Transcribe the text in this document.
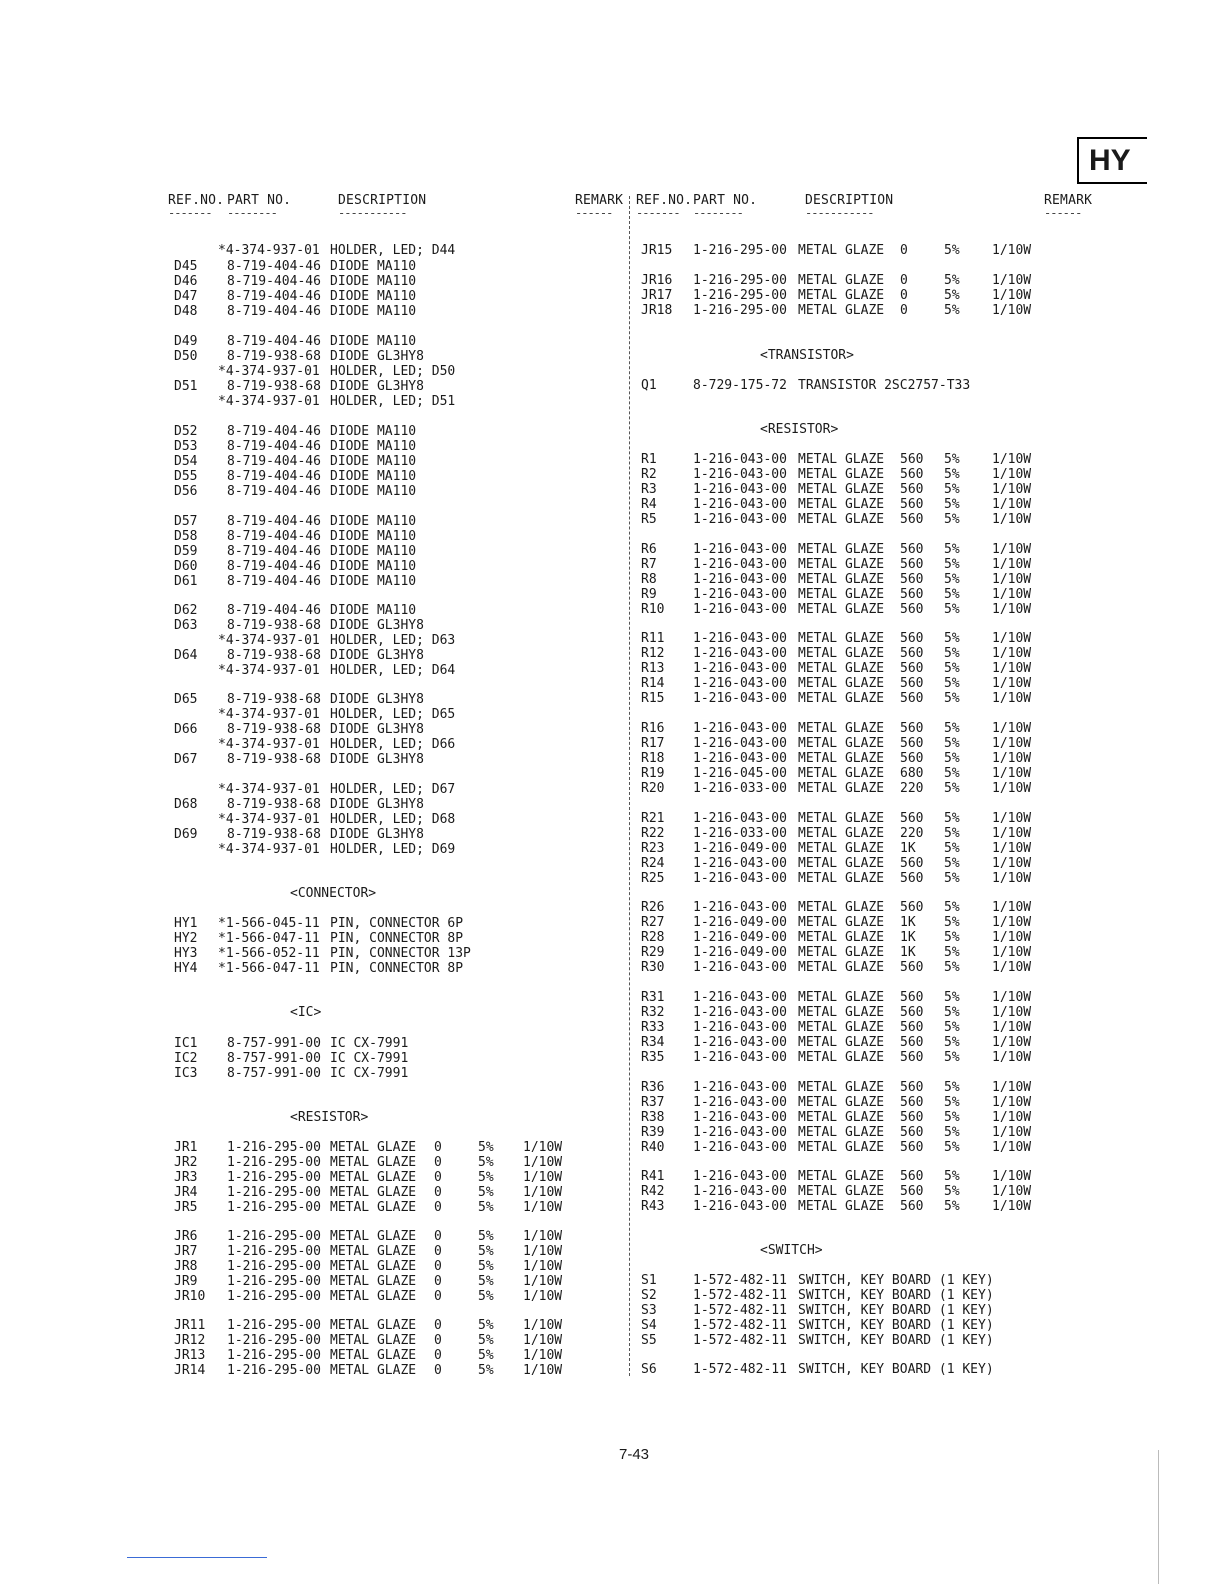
HY
REF.NO. PART NO.	DESCRIPTION	REMARK REF.NO. PART NO.	DESCRIPTION	REMARK
------- --------	-----------	------ ------- --------	-----------	------
*4-374-937-01 HOLDER, LED; D44
D45 8-719-404-46 DIODE MA110
D46 8-719-404-46 DIODE MA110
D47 8-719-404-46 DIODE MA110
D48 8-719-404-46 DIODE MA110
D49 8-719-404-46 DIODE MA110
D50 8-719-938-68 DIODE GL3HY8
*4-374-937-01 HOLDER, LED; D50
D51 8-719-938-68 DIODE GL3HY8
*4-374-937-01 HOLDER, LED; D51
D52 8-719-404-46 DIODE MA110
D53 8-719-404-46 DIODE MA110
D54 8-719-404-46 DIODE MA110
D55 8-719-404-46 DIODE MA110
D56 8-719-404-46 DIODE MA110
D57 8-719-404-46 DIODE MA110
D58 8-719-404-46 DIODE MA110
D59 8-719-404-46 DIODE MA110
D60 8-719-404-46 DIODE MA110
D61 8-719-404-46 DIODE MA110
D62 8-719-404-46 DIODE MA110
D63 8-719-938-68 DIODE GL3HY8
*4-374-937-01 HOLDER, LED; D63
D64 8-719-938-68 DIODE GL3HY8
*4-374-937-01 HOLDER, LED; D64
D65 8-719-938-68 DIODE GL3HY8
*4-374-937-01 HOLDER, LED; D65
D66 8-719-938-68 DIODE GL3HY8
*4-374-937-01 HOLDER, LED; D66
D67 8-719-938-68 DIODE GL3HY8
*4-374-937-01 HOLDER, LED; D67
D68 8-719-938-68 DIODE GL3HY8
*4-374-937-01 HOLDER, LED; D68
D69 8-719-938-68 DIODE GL3HY8
*4-374-937-01 HOLDER, LED; D69
<CONNECTOR>
HY1 *1-566-045-11 PIN, CONNECTOR 6P
HY2 *1-566-047-11 PIN, CONNECTOR 8P
HY3 *1-566-052-11 PIN, CONNECTOR 13P
HY4 *1-566-047-11 PIN, CONNECTOR 8P
<IC>
IC1 8-757-991-00 IC CX-7991
IC2 8-757-991-00 IC CX-7991
IC3 8-757-991-00 IC CX-7991
<RESISTOR>
JR1 1-216-295-00 METAL GLAZE 0	5% 1/10W
JR2 1-216-295-00 METAL GLAZE 0	5% 1/10W
JR3 1-216-295-00 METAL GLAZE 0	5% 1/10W
JR4 1-216-295-00 METAL GLAZE 0	5% 1/10W
JR5 1-216-295-00 METAL GLAZE 0	5% 1/10W
JR6 1-216-295-00 METAL GLAZE 0	5% 1/10W
JR7 1-216-295-00 METAL GLAZE 0	5% 1/10W
JR8 1-216-295-00 METAL GLAZE 0	5% 1/10W
JR9 1-216-295-00 METAL GLAZE 0	5% 1/10W
JR10 1-216-295-00 METAL GLAZE 0	5% 1/10W
JR11 1-216-295-00 METAL GLAZE 0	5% 1/10W
JR12 1-216-295-00 METAL GLAZE 0	5% 1/10W
JR13 1-216-295-00 METAL GLAZE 0	5% 1/10W
JR14 1-216-295-00 METAL GLAZE 0	5% 1/10W
JR15 1-216-295-00 METAL GLAZE 0	5% 1/10W
JR16 1-216-295-00 METAL GLAZE 0	5% 1/10W
JR17 1-216-295-00 METAL GLAZE 0	5% 1/10W
JR18 1-216-295-00 METAL GLAZE 0	5% 1/10W
<TRANSISTOR>
Q1	8-729-175-72 TRANSISTOR 2SC2757-T33
<RESISTOR>
R1	1-216-043-00 METAL GLAZE 560 5% 1/10W
R2	1-216-043-00 METAL GLAZE 560 5% 1/10W
R3	1-216-043-00 METAL GLAZE 560 5% 1/10W
R4	1-216-043-00 METAL GLAZE 560 5% 1/10W
R5	1-216-043-00 METAL GLAZE 560 5% 1/10W
R6	1-216-043-00 METAL GLAZE 560 5% 1/10W
R7	1-216-043-00 METAL GLAZE 560 5% 1/10W
R8	1-216-043-00 METAL GLAZE 560 5% 1/10W
R9	1-216-043-00 METAL GLAZE 560 5% 1/10W
R10 1-216-043-00 METAL GLAZE 560 5% 1/10W
R11 1-216-043-00 METAL GLAZE 560 5% 1/10W
R12 1-216-043-00 METAL GLAZE 560 5% 1/10W
R13 1-216-043-00 METAL GLAZE 560 5% 1/10W
R14 1-216-043-00 METAL GLAZE 560 5% 1/10W
R15 1-216-043-00 METAL GLAZE 560 5% 1/10W
R16 1-216-043-00 METAL GLAZE 560 5% 1/10W
R17 1-216-043-00 METAL GLAZE 560 5% 1/10W
R18 1-216-043-00 METAL GLAZE 560 5% 1/10W
R19 1-216-045-00 METAL GLAZE 680 5% 1/10W
R20 1-216-033-00 METAL GLAZE 220 5% 1/10W
R21 1-216-043-00 METAL GLAZE 560 5% 1/10W
R22 1-216-033-00 METAL GLAZE 220 5% 1/10W
R23 1-216-049-00 METAL GLAZE 1K 5% 1/10W
R24 1-216-043-00 METAL GLAZE 560 5% 1/10W
R25 1-216-043-00 METAL GLAZE 560 5% 1/10W
R26 1-216-043-00 METAL GLAZE 560 5% 1/10W
R27 1-216-049-00 METAL GLAZE 1K 5% 1/10W
R28 1-216-049-00 METAL GLAZE 1K 5% 1/10W
R29 1-216-049-00 METAL GLAZE 1K 5% 1/10W
R30 1-216-043-00 METAL GLAZE 560 5% 1/10W
R31 1-216-043-00 METAL GLAZE 560 5% 1/10W
R32 1-216-043-00 METAL GLAZE 560 5% 1/10W
R33 1-216-043-00 METAL GLAZE 560 5% 1/10W
R34 1-216-043-00 METAL GLAZE 560 5% 1/10W
R35 1-216-043-00 METAL GLAZE 560 5% 1/10W
R36 1-216-043-00 METAL GLAZE 560 5% 1/10W
R37 1-216-043-00 METAL GLAZE 560 5% 1/10W
R38 1-216-043-00 METAL GLAZE 560 5% 1/10W
R39 1-216-043-00 METAL GLAZE 560 5% 1/10W
R40 1-216-043-00 METAL GLAZE 560 5% 1/10W
R41 1-216-043-00 METAL GLAZE 560 5% 1/10W
R42 1-216-043-00 METAL GLAZE 560 5% 1/10W
R43 1-216-043-00 METAL GLAZE 560 5% 1/10W
<SWITCH>
S1	1-572-482-11 SWITCH, KEY BOARD (1 KEY)
S2	1-572-482-11 SWITCH, KEY BOARD (1 KEY)
S3	1-572-482-11 SWITCH, KEY BOARD (1 KEY)
S4	1-572-482-11 SWITCH, KEY BOARD (1 KEY)
S5	1-572-482-11 SWITCH, KEY BOARD (1 KEY)
S6	1-572-482-11 SWITCH, KEY BOARD (1 KEY)
7-43
